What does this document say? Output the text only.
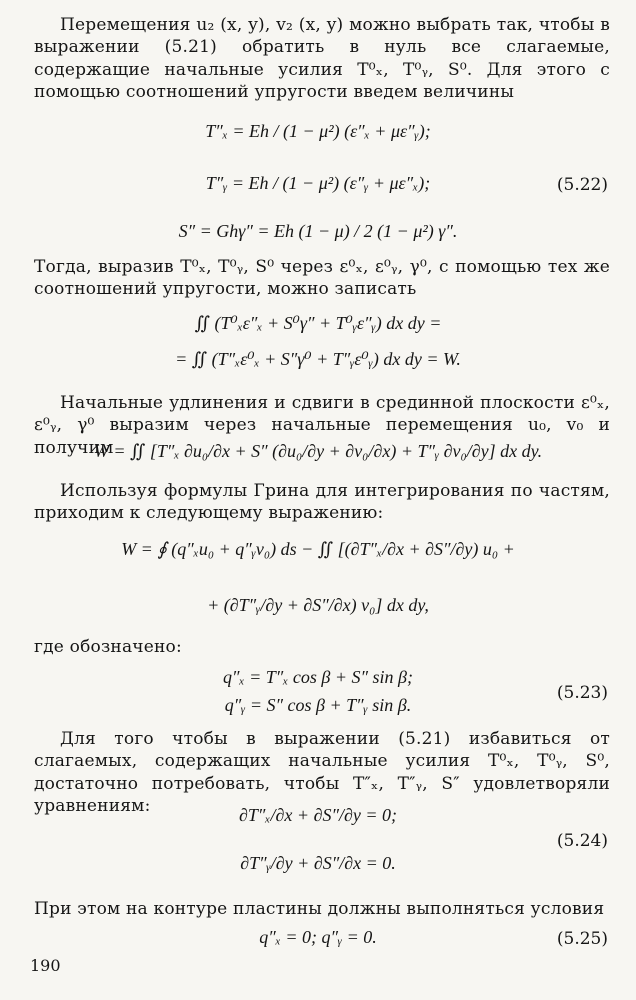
Перемещения u₂ (x, y), v₂ (x, y) можно выбрать так, чтобы в выражении (5.21) обратить в нуль все слагаемые, содержащие начальные усилия T⁰ₓ, T⁰ᵧ, S⁰. Для этого с помощью соотношений упругости введем величины

T″ₓ = Eh / (1 − μ²) (ε″ₓ + με″ᵧ);
T″ᵧ = Eh / (1 − μ²) (ε″ᵧ + με″ₓ);	(5.22)
S″ = Ghγ″ = Eh (1 − μ) / 2 (1 − μ²) γ″.

Тогда, выразив T⁰ₓ, T⁰ᵧ, S⁰ через ε⁰ₓ, ε⁰ᵧ, γ⁰, с помощью тех же соотношений упругости, можно записать

∬ (T⁰ₓε″ₓ + S⁰γ″ + T⁰ᵧε″ᵧ) dx dy =
= ∬ (T″ₓε⁰ₓ + S″γ⁰ + T″ᵧε⁰ᵧ) dx dy = W.

Начальные удлинения и сдвиги в срединной плоскости ε⁰ₓ, ε⁰ᵧ, γ⁰ выразим через начальные перемещения u₀, v₀ и получим

W = ∬ [T″ₓ ∂u₀/∂x + S″ (∂u₀/∂y + ∂v₀/∂x) + T″ᵧ ∂v₀/∂y] dx dy.

Используя формулы Грина для интегрирования по частям, приходим к следующему выражению:

W = ∮ (q″ₓu₀ + q″ᵧv₀) ds − ∬ [(∂T″ₓ/∂x + ∂S″/∂y) u₀ +
+ (∂T″ᵧ/∂y + ∂S″/∂x) v₀] dx dy,

где обозначено:

q″ₓ = T″ₓ cos β + S″ sin β;
q″ᵧ = S″ cos β + T″ᵧ sin β.
(5.23)

Для того чтобы в выражении (5.21) избавиться от слагаемых, содержащих начальные усилия T⁰ₓ, T⁰ᵧ, S⁰, достаточно потребовать, чтобы T″ₓ, T″ᵧ, S″ удовлетворяли уравнениям:	∂T″ₓ/∂x + ∂S″/∂y = 0;
∂T″ᵧ/∂y + ∂S″/∂x = 0.
(5.24)

При этом на контуре пластины должны выполняться условия

q″ₓ = 0; q″ᵧ = 0.	(5.25)
190
